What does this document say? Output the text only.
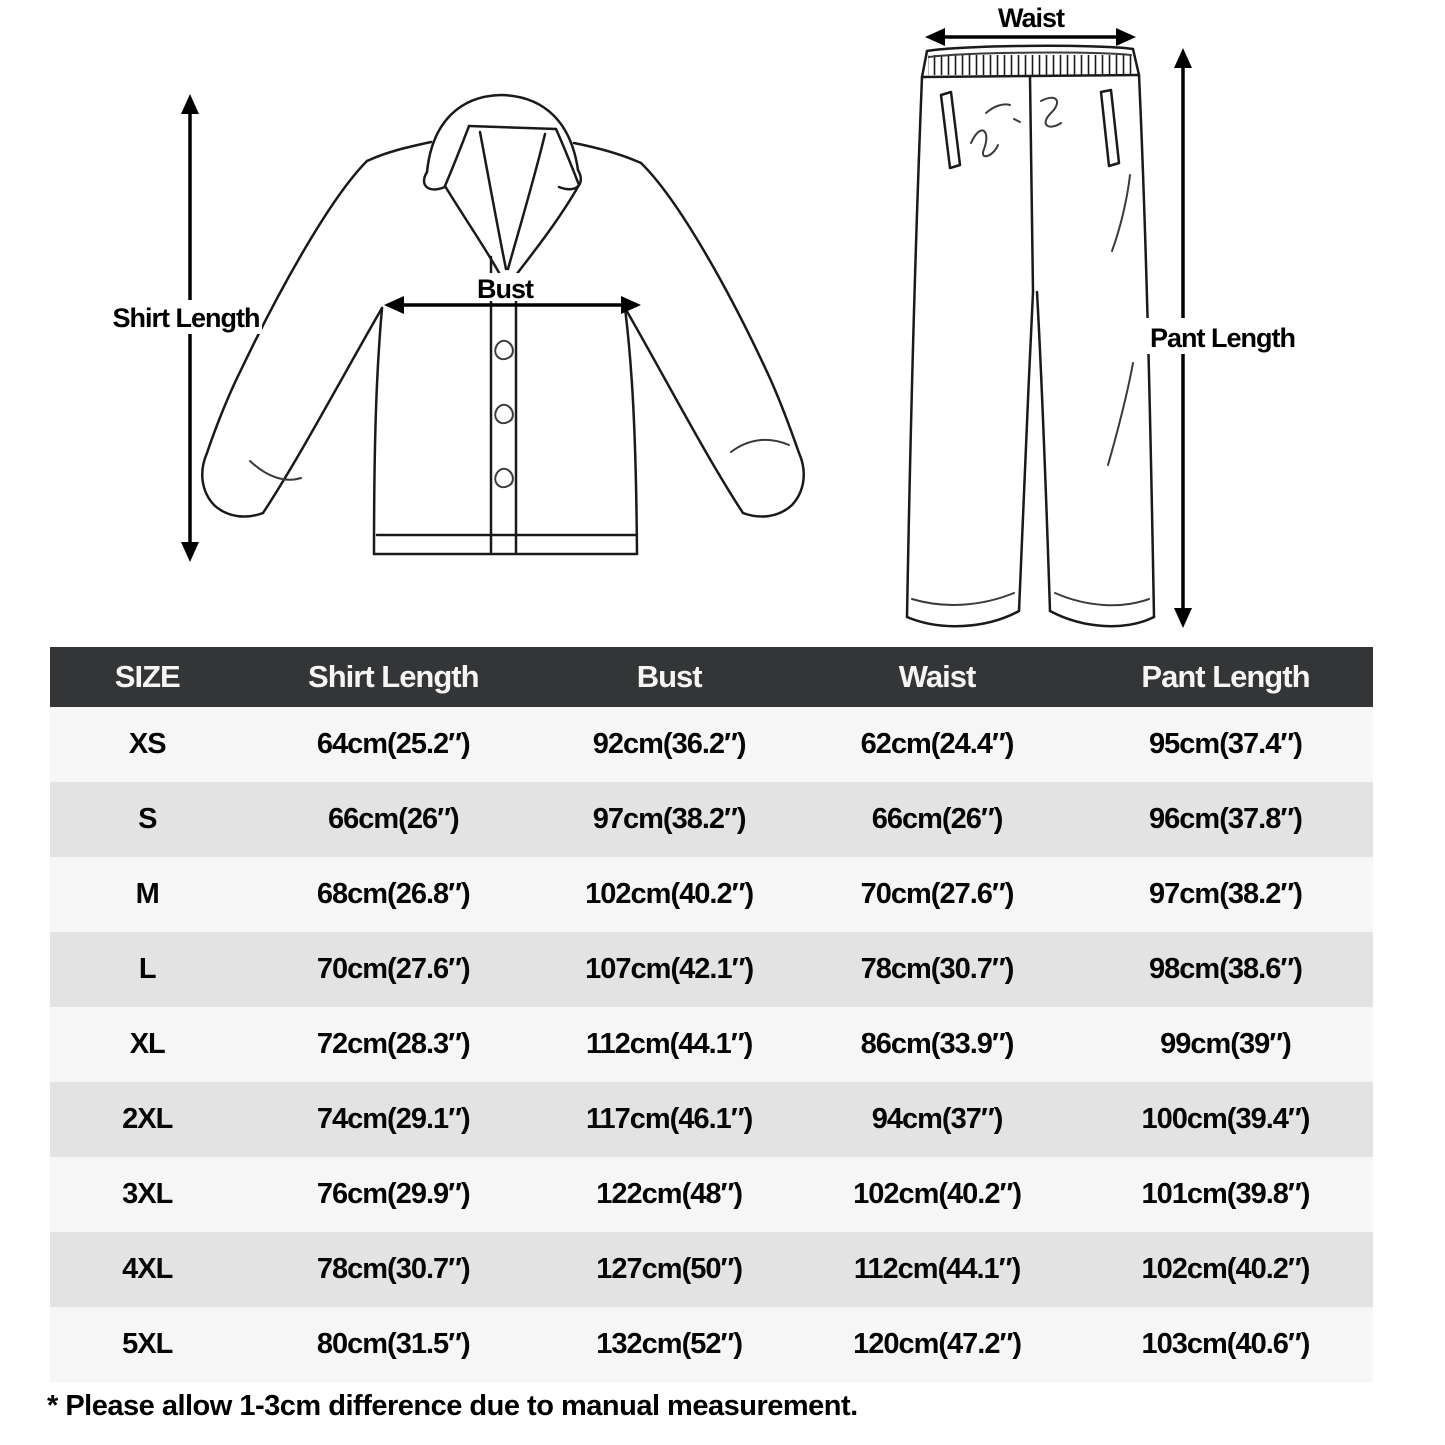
Shirt Length
Bust
Waist
Pant Length
SIZE	Shirt Length	Bust	Waist	Pant Length
XS	64cm(25.2″)	92cm(36.2″)	62cm(24.4″)	95cm(37.4″)
S	66cm(26″)	97cm(38.2″)	66cm(26″)	96cm(37.8″)
M	68cm(26.8″)	102cm(40.2″)	70cm(27.6″)	97cm(38.2″)
L	70cm(27.6″)	107cm(42.1″)	78cm(30.7″)	98cm(38.6″)
XL	72cm(28.3″)	112cm(44.1″)	86cm(33.9″)	99cm(39″)
2XL	74cm(29.1″)	117cm(46.1″)	94cm(37″)	100cm(39.4″)
3XL	76cm(29.9″)	122cm(48″)	102cm(40.2″)	101cm(39.8″)
4XL	78cm(30.7″)	127cm(50″)	112cm(44.1″)	102cm(40.2″)
5XL	80cm(31.5″)	132cm(52″)	120cm(47.2″)	103cm(40.6″)
* Please allow 1-3cm difference due to manual measurement.
